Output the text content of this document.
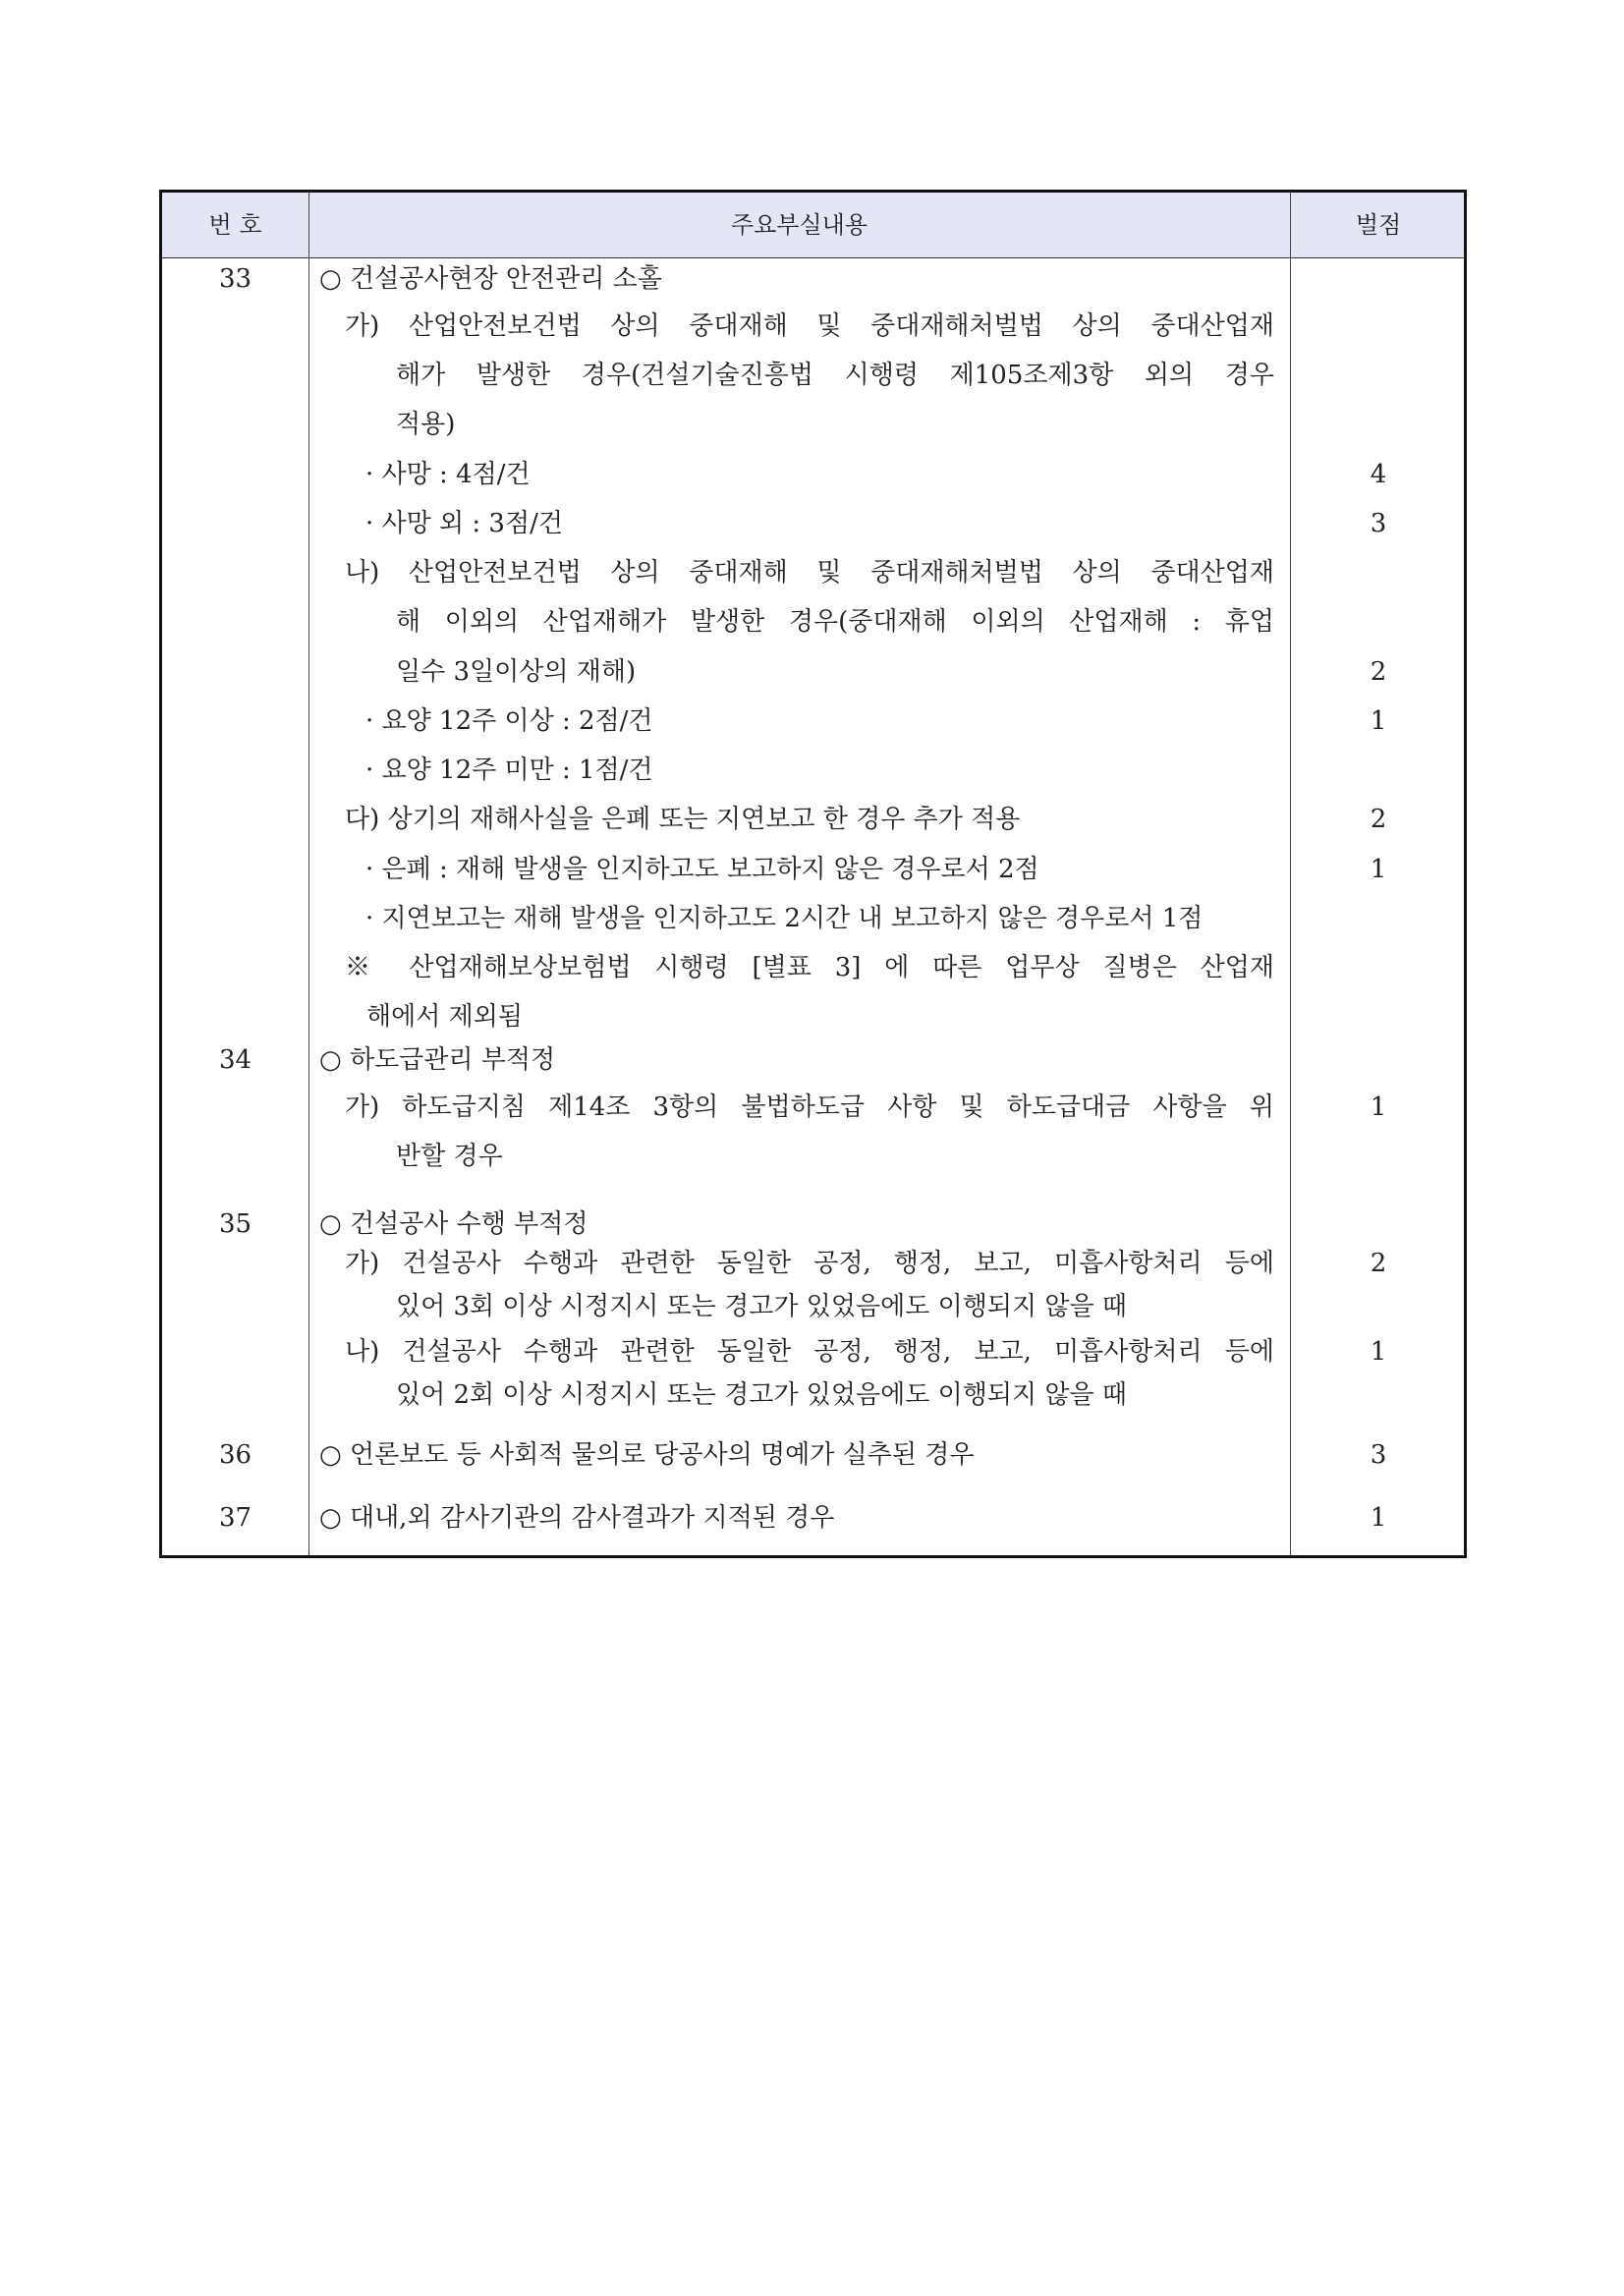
번 호	주요부실내용	벌점
33	○ 건설공사현장 안전관리 소홀
가) 산업안전보건법 상의 중대재해 및 중대재해처벌법 상의 중대산업재
해가 발생한 경우(건설기술진흥법 시행령 제105조제3항 외의 경우
적용)
· 사망 : 4점/건	4
· 사망 외 : 3점/건	3
나) 산업안전보건법 상의 중대재해 및 중대재해처벌법 상의 중대산업재
해 이외의 산업재해가 발생한 경우(중대재해 이외의 산업재해 : 휴업
일수 3일이상의 재해)	2
· 요양 12주 이상 : 2점/건	1
· 요양 12주 미만 : 1점/건
다) 상기의 재해사실을 은폐 또는 지연보고 한 경우 추가 적용	2
· 은폐 : 재해 발생을 인지하고도 보고하지 않은 경우로서 2점	1
· 지연보고는 재해 발생을 인지하고도 2시간 내 보고하지 않은 경우로서 1점
※ 산업재해보상보험법 시행령 [별표 3] 에 따른 업무상 질병은 산업재
해에서 제외됨
34	○ 하도급관리 부적정
가) 하도급지침 제14조 3항의 불법하도급 사항 및 하도급대금 사항을 위	1
반할 경우
35	○ 건설공사 수행 부적정
가) 건설공사 수행과 관련한 동일한 공정, 행정, 보고, 미흡사항처리 등에	2
있어 3회 이상 시정지시 또는 경고가 있었음에도 이행되지 않을 때
나) 건설공사 수행과 관련한 동일한 공정, 행정, 보고, 미흡사항처리 등에	1
있어 2회 이상 시정지시 또는 경고가 있었음에도 이행되지 않을 때
36	○ 언론보도 등 사회적 물의로 당공사의 명예가 실추된 경우	3
37	○ 대내,외 감사기관의 감사결과가 지적된 경우	1
